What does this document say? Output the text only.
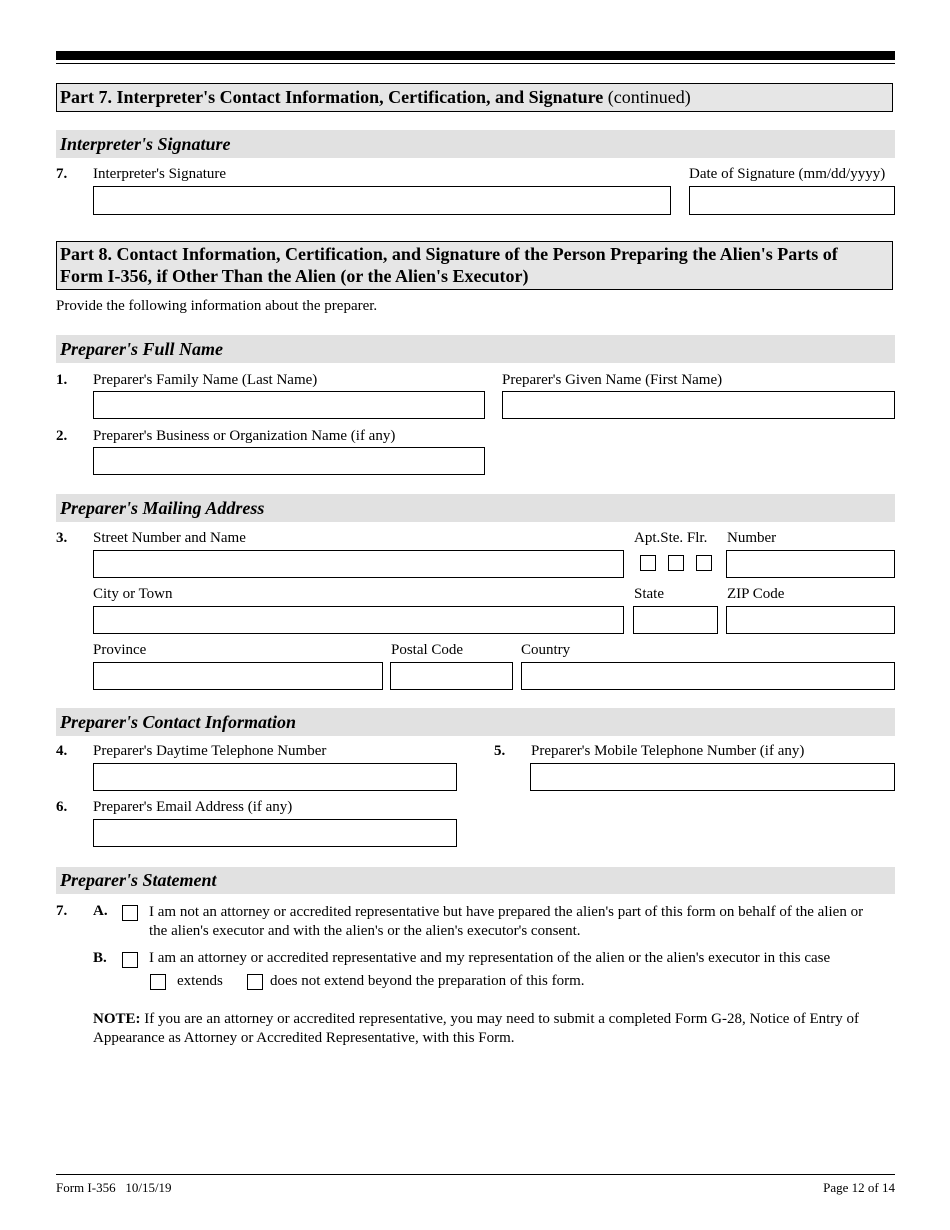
Part 7. Interpreter's Contact Information, Certification, and Signature (continued)
Interpreter's Signature
7. Interpreter's Signature	Date of Signature (mm/dd/yyyy)
Part 8. Contact Information, Certification, and Signature of the Person Preparing the Alien's Parts of
Form I-356, if Other Than the Alien (or the Alien's Executor)
Provide the following information about the preparer.
Preparer's Full Name
1. Preparer's Family Name (Last Name)	Preparer's Given Name (First Name)
2. Preparer's Business or Organization Name (if any)
Preparer's Mailing Address
3. Street Number and Name	Apt.Ste. Flr. Number
City or Town	State	ZIP Code
Province	Postal Code	Country
Preparer's Contact Information
4. Preparer's Daytime Telephone Number	5. Preparer's Mobile Telephone Number (if any)
6. Preparer's Email Address (if any)
Preparer's Statement
7. A.	I am not an attorney or accredited representative but have prepared the alien's part of this form on behalf of the alien or
the alien's executor and with the alien's or the alien's executor's consent.
B.	I am an attorney or accredited representative and my representation of the alien or the alien's executor in this case
extends	does not extend beyond the preparation of this form.
NOTE: If you are an attorney or accredited representative, you may need to submit a completed Form G-28, Notice of Entry of
Appearance as Attorney or Accredited Representative, with this Form.
Form I-356   10/15/19	Page 12 of 14
